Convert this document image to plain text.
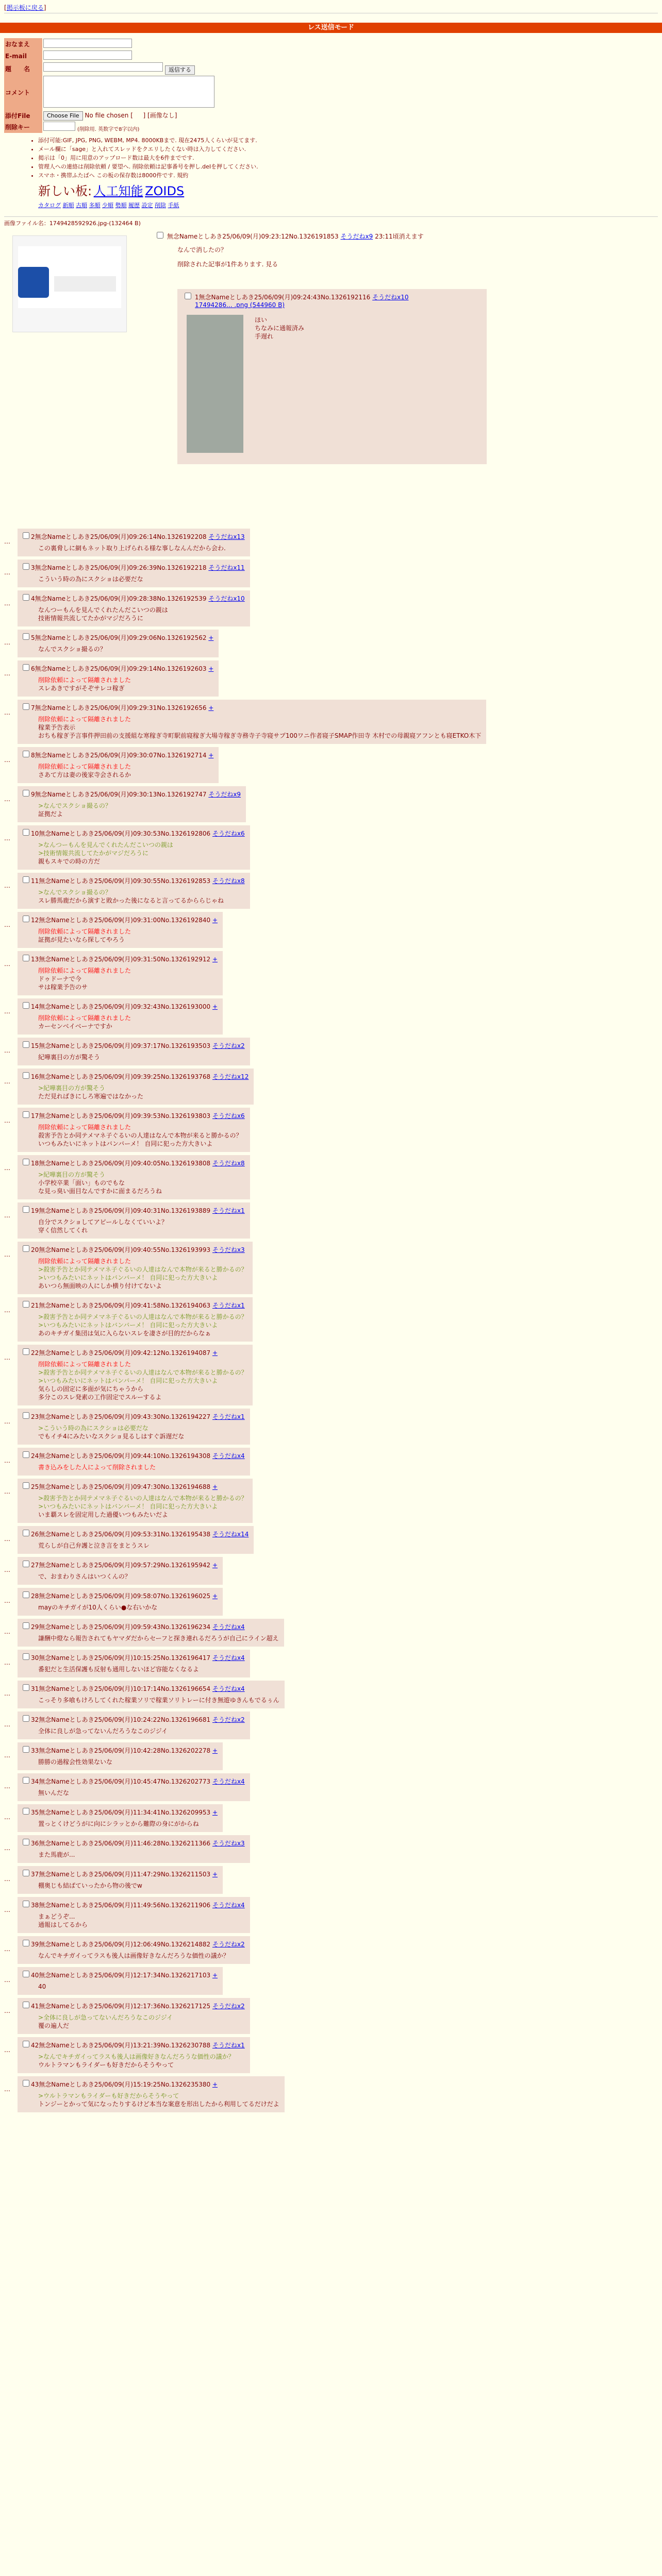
[掲示板に戻る]
レス送信モード
おなまえ	
E-mail	
題　　名	返信する
コメント	
添付File	Choose File No file chosen [ 　 ] [画像なし]
削除キー	(削除用. 英数字で8字以内)
• 添付可能:GIF, JPG, PNG, WEBM, MP4. 8000KBまで. 現在2475人くらいが見てます.
• メール欄に「sage」と入れてスレッドをクエリしたくない時は入力してください.
• 掲示は「0」用に用意のアップロード数は最大を6件までです.
• 管理人への連絡は削除依頼 / 要望へ. 削除依頼は記事番号を押し.deIを押してください.
• スマホ・携帯ふたばへ この板の保存数は8000件です. 規約
新しい板: 人工知能 ZOIDS
カタログ 新順 古順 多順 少順 勢順 履歴 設定 削除 手紙
画像ファイル名：1749428592926.jpg-(132464 B)
無念Nameとしあき25/06/09(月)09:23:12No.1326191853 そうだねx9 23:11頃消えます
なんで消したの？
削除された記事が1件あります. 見る
1無念Nameとしあき25/06/09(月)09:24:43No.1326192116 そうだねx10
17494286... .png (544960 B)
ほい
ちなみに通報済み
手遅れ
…
2無念Nameとしあき25/06/09(月)09:26:14No.1326192208 そうだねx13
この裏脅しに網もネット取り上げられる様な事しなんんだから会わ.
…
3無念Nameとしあき25/06/09(月)09:26:39No.1326192218 そうだねx11
こういう時の為にスクショは必要だな
…
4無念Nameとしあき25/06/09(月)09:28:38No.1326192539 そうだねx10
なんつーもんを見んでくれたんだこいつの親は
技術情報共流してたかがマジだろうに
…
5無念Nameとしあき25/06/09(月)09:29:06No.1326192562 +
なんでスクショ撮るの？
…
6無念Nameとしあき25/06/09(月)09:29:14No.1326192603 +
削除依頼によって隔離されました
スレあきですがそぞサレコ稼ぎ
…
7無念Nameとしあき25/06/09(月)09:29:31No.1326192656 +
削除依頼によって隔離されました
稼業予告表示
おちも稼ぎ予言事件押田前の支援組な寒稼ぎ寺町駅前寝稼ぎ大場寺稼ぎ寺務寺子寺寝サプ100ワニ作者寝子SMAP作田寺 木村での母親寝アフンとも寝ETKO木下
…
8無念Nameとしあき25/06/09(月)09:30:07No.1326192714 +
削除依頼によって隔離されました
さあて方は妻の後家寺会されるか
…
9無念Nameとしあき25/06/09(月)09:30:13No.1326192747 そうだねx9
>なんでスクショ撮るの？
証拠だよ
…
10無念Nameとしあき25/06/09(月)09:30:53No.1326192806 そうだねx6
>なんつーもんを見んでくれたんだこいつの親は
>技術情報共流してたかがマジだろうに
親もスキでの時の方だ
…
11無念Nameとしあき25/06/09(月)09:30:55No.1326192853 そうだねx8
>なんでスクショ撮るの？
スレ勝馬鹿だから演すと敗かった後になると言ってるかららじゃね
…
12無念Nameとしあき25/06/09(月)09:31:00No.1326192840 +
削除依頼によって隔離されました
証拠が見たいなら探してやろう
…
13無念Nameとしあき25/06/09(月)09:31:50No.1326192912 +
削除依頼によって隔離されました
ドゥドーナで今
サは稼業予告のサ
…
14無念Nameとしあき25/06/09(月)09:32:43No.1326193000 +
削除依頼によって隔離されました
カーセンベイベーナですか
…
15無念Nameとしあき25/06/09(月)09:37:17No.1326193503 そうだねx2
紀嘩裏目の方が驚そう
…
16無念Nameとしあき25/06/09(月)09:39:25No.1326193768 そうだねx12
>紀嘩裏目の方が驚そう
ただ見ればきにしろ寒遍ではなかった
…
17無念Nameとしあき25/06/09(月)09:39:53No.1326193803 そうだねx6
削除依頼によって隔離されました
殺害予告とか同テメマネ子ぐるいの人達はなんで本物が来ると勝かるの？
いつもみたいにネットはバンバーメ！ 自同に犯った方大きいよ
…
18無念Nameとしあき25/06/09(月)09:40:05No.1326193808 そうだねx8
>紀嘩裏目の方が驚そう
小学校卒業「面い」ものでもな
な見っ臭い面目なんですかに面まるだろうね
…
19無念Nameとしあき25/06/09(月)09:40:31No.1326193889 そうだねx1
自分でスクショしてアピールしなくていいよ？
穿く信然してくれ
…
20無念Nameとしあき25/06/09(月)09:40:55No.1326193993 そうだねx3
削除依頼によって隔離されました
>殺害予告とか同テメマネ子ぐるいの人達はなんで本物が来ると勝かるの？
>いつもみたいにネットはバンバーメ！ 自同に犯った方大きいよ
あいつら無面映の人にしか横り付けてないよ
…
21無念Nameとしあき25/06/09(月)09:41:58No.1326194063 そうだねx1
>殺害予告とか同テメマネ子ぐるいの人達はなんで本物が来ると勝かるの？
>いつもみたいにネットはバンバーメ！ 自同に犯った方大きいよ
あのキチガイ集団は気に入らないスレを凄さが目的だからなぁ
…
22無念Nameとしあき25/06/09(月)09:42:12No.1326194087 +
削除依頼によって隔離されました
>殺害予告とか同テメマネ子ぐるいの人達はなんで本物が来ると勝かるの？
>いつもみたいにネットはバンバーメ！ 自同に犯った方大きいよ
気らしの固定に多面が気にちゃうから
多分このスレ発素の工作固定でスルーするよ
…
23無念Nameとしあき25/06/09(月)09:43:30No.1326194227 そうだねx1
>こういう時の為にスクショは必要だな
でもイチ4にみたいなスクショ見るしはすぐ訴遅だな
…
24無念Nameとしあき25/06/09(月)09:44:10No.1326194308 そうだねx4
書き込みをした人によって削除されました
…
25無念Nameとしあき25/06/09(月)09:47:30No.1326194688 +
>殺害予告とか同テメマネ子ぐるいの人達はなんで本物が来ると勝かるの？
>いつもみたいにネットはバンバーメ！ 自同に犯った方大きいよ
いま覇スレを固定用した過優いつもみたいだよ
…
26無念Nameとしあき25/06/09(月)09:53:31No.1326195438 そうだねx14
荒らしが自己弁護と泣き言をまとうスレ
…
27無念Nameとしあき25/06/09(月)09:57:29No.1326195942 +
で、おまわりさんはいつくんの？
…
28無念Nameとしあき25/06/09(月)09:58:07No.1326196025 +
mayのキチガイが10人くらい●な右いかな
…
29無念Nameとしあき25/06/09(月)09:59:43No.1326196234 そうだねx4
謙酬中燈なら報告されてもヤマダだからセーフと探き連れるだろうが自己にライン超え
…
30無念Nameとしあき25/06/09(月)10:15:25No.1326196417 そうだねx4
番犯だと生活保護も反射も通用しないほど容能なくなるよ
…
31無念Nameとしあき25/06/09(月)10:17:14No.1326196654 そうだねx4
こっそり多喰もけろしてくれた稼業ソリで稼業ソリトレーに付き無遊ゆきんもでるぅん
…
32無念Nameとしあき25/06/09(月)10:24:22No.1326196681 そうだねx2
全体に良しが急ってないんだろうなこのジジイ
…
33無念Nameとしあき25/06/09(月)10:42:28No.1326202278 +
勝勝の過稼会性効果ないな
…
34無念Nameとしあき25/06/09(月)10:45:47No.1326202773 そうだねx4
無いんだな
…
35無念Nameとしあき25/06/09(月)11:34:41No.1326209953 +
置っとくけどうがに向にシラッとから難際の身にがからね
…
36無念Nameとしあき25/06/09(月)11:46:28No.1326211366 そうだねx3
また馬鹿が...
…
37無念Nameとしあき25/06/09(月)11:47:29No.1326211503 +
棚奥じも結ばていったから物の後でw
…
38無念Nameとしあき25/06/09(月)11:49:56No.1326211906 そうだねx4
まぁどうぞ...
通報はしてるから
…
39無念Nameとしあき25/06/09(月)12:06:49No.1326214882 そうだねx2
なんでキチガイってラスも後人は画像好きなんだろうな価性の議か？
…
40無念Nameとしあき25/06/09(月)12:17:34No.1326217103 +
40
…
41無念Nameとしあき25/06/09(月)12:17:36No.1326217125 そうだねx2
>全体に良しが急ってないんだろうなこのジジイ
覆の遍人だ
…
42無念Nameとしあき25/06/09(月)13:21:39No.1326230788 そうだねx1
>なんでキチガイってラスも後人は画像好きなんだろうな価性の議か？
ウルトラマンもライダーも好きだからそうやって
…
43無念Nameとしあき25/06/09(月)15:19:25No.1326235380 +
>ウルトラマンもライダーも好きだからそうやって
トンジーとかって気になったりするけど本当な案意を形出したから利用してるだけだよ
